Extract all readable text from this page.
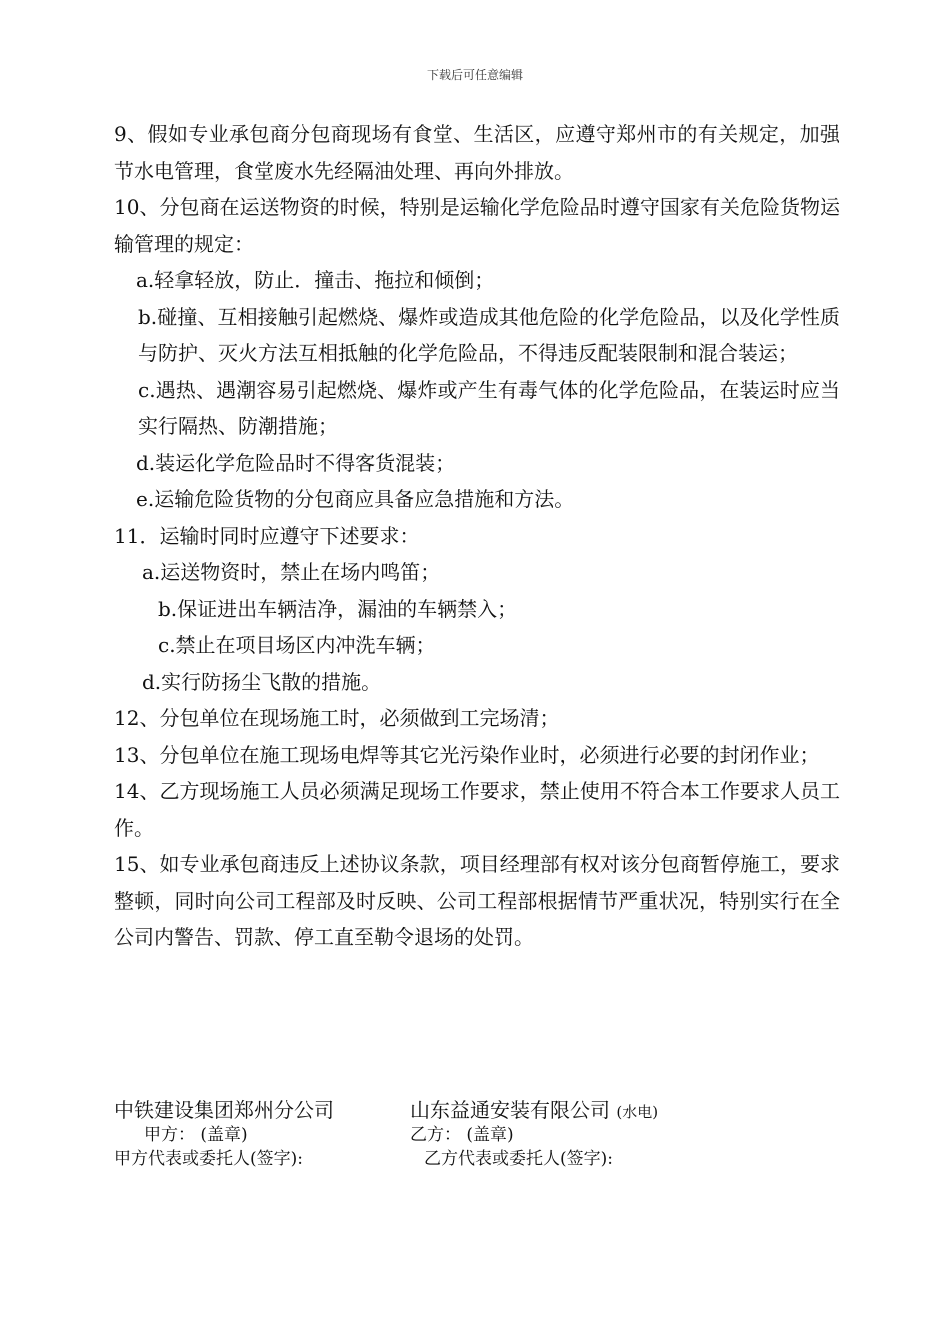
下载后可任意编辑

9、假如专业承包商分包商现场有食堂、生活区，应遵守郑州市的有关规定，加强节水电管理，食堂废水先经隔油处理、再向外排放。

10、分包商在运送物资的时候，特别是运输化学危险品时遵守国家有关危险货物运输管理的规定：

a.轻拿轻放，防止．撞击、拖拉和倾倒；

b.碰撞、互相接触引起燃烧、爆炸或造成其他危险的化学危险品，以及化学性质与防护、灭火方法互相抵触的化学危险品，不得违反配装限制和混合装运；

c.遇热、遇潮容易引起燃烧、爆炸或产生有毒气体的化学危险品，在装运时应当实行隔热、防潮措施；

d.装运化学危险品时不得客货混装；

e.运输危险货物的分包商应具备应急措施和方法。

11．运输时同时应遵守下述要求：

a.运送物资时，禁止在场内鸣笛；

b.保证进出车辆洁净，漏油的车辆禁入；

c.禁止在项目场区内冲洗车辆；

d.实行防扬尘飞散的措施。

12、分包单位在现场施工时，必须做到工完场清；

13、分包单位在施工现场电焊等其它光污染作业时，必须进行必要的封闭作业；

14、乙方现场施工人员必须满足现场工作要求，禁止使用不符合本工作要求人员工作。

15、如专业承包商违反上述协议条款，项目经理部有权对该分包商暂停施工，要求整顿，同时向公司工程部及时反映、公司工程部根据情节严重状况，特别实行在全公司内警告、罚款、停工直至勒令退场的处罚。

中铁建设集团郑州分公司	山东益通安装有限公司 (水电)
甲方： (盖章)	乙方： (盖章)
甲方代表或委托人(签字):	乙方代表或委托人(签字):
